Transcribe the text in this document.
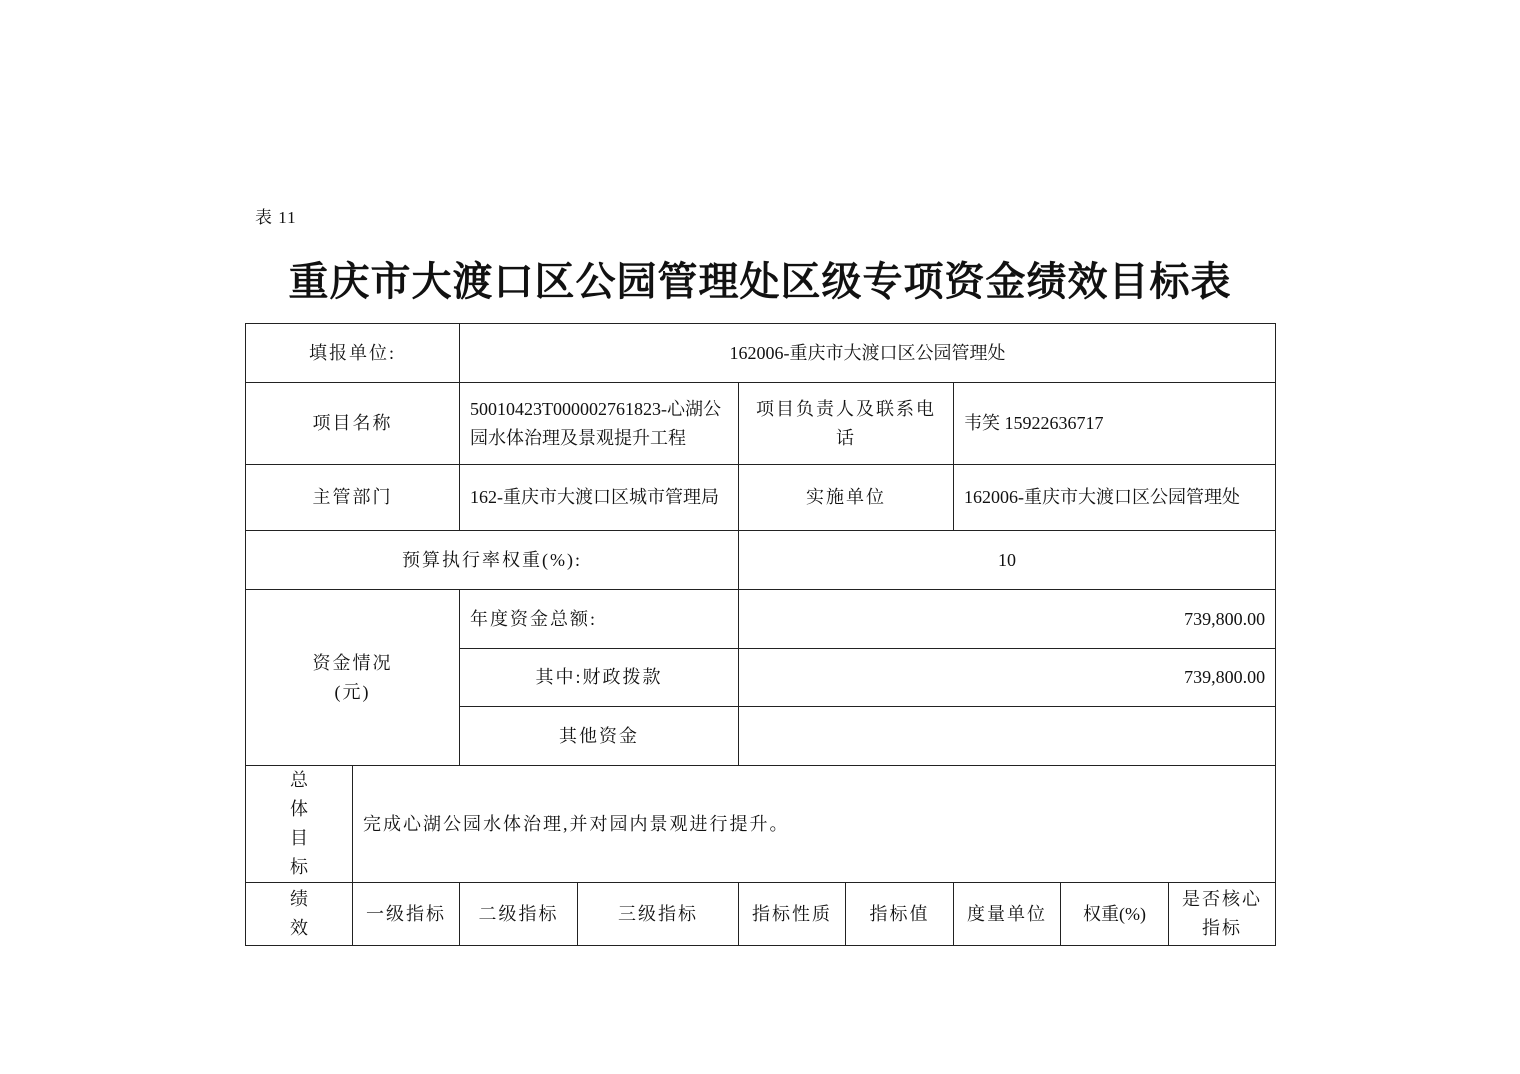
表 11
重庆市大渡口区公园管理处区级专项资金绩效目标表
填报单位:		162006-重庆市大渡口区公园管理处						
项目名称		50010423T000002761823-心湖公园水体治理及景观提升工程		项目负责人及联系电话		韦笑 15922636717		
主管部门		162-重庆市大渡口区城市管理局		实施单位		162006-重庆市大渡口区公园管理处		
预算执行率权重(%):				10				

资金情况
(元)		年度资金总额:		739,800.00				
		其中:财政拨款		739,800.00				
		其他资金						

总
体
目
标	完成心湖公园水体治理,并对园内景观进行提升。							

绩
效	一级指标	二级指标	三级指标	指标性质	指标值	度量单位	权重(%)	是否核心指标
